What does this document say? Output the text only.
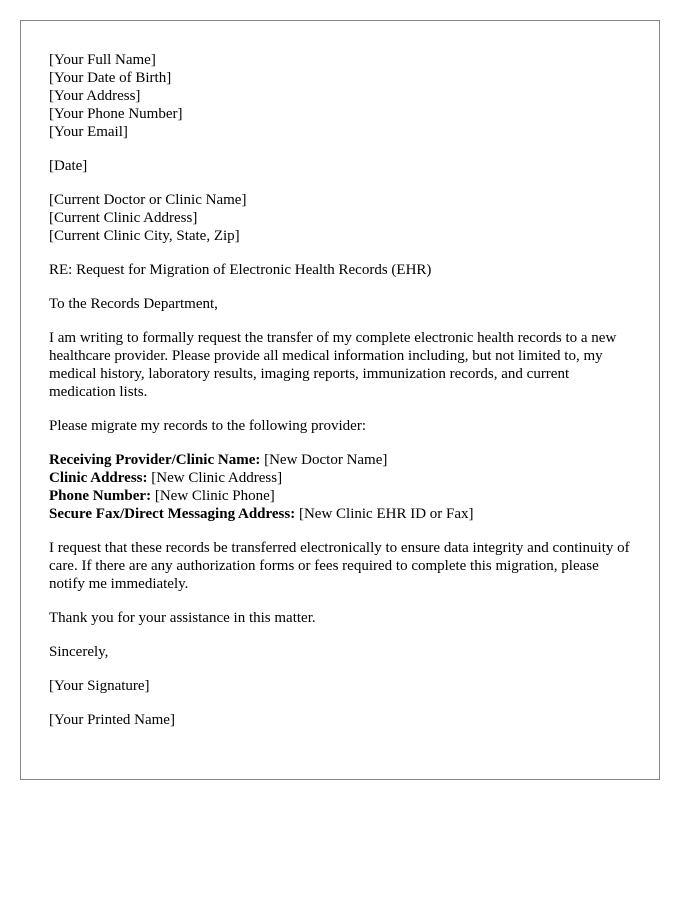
[Your Full Name]
[Your Date of Birth]
[Your Address]
[Your Phone Number]
[Your Email]
[Date]
[Current Doctor or Clinic Name]
[Current Clinic Address]
[Current Clinic City, State, Zip]

RE: Request for Migration of Electronic Health Records (EHR)

To the Records Department,

I am writing to formally request the transfer of my complete electronic health records to a new healthcare provider. Please provide all medical information including, but not limited to, my medical history, laboratory results, imaging reports, immunization records, and current medication lists.

Please migrate my records to the following provider:

Receiving Provider/Clinic Name: [New Doctor Name]
Clinic Address: [New Clinic Address]
Phone Number: [New Clinic Phone]
Secure Fax/Direct Messaging Address: [New Clinic EHR ID or Fax]

I request that these records be transferred electronically to ensure data integrity and continuity of care. If there are any authorization forms or fees required to complete this migration, please notify me immediately.

Thank you for your assistance in this matter.

Sincerely,

[Your Signature]

[Your Printed Name]
